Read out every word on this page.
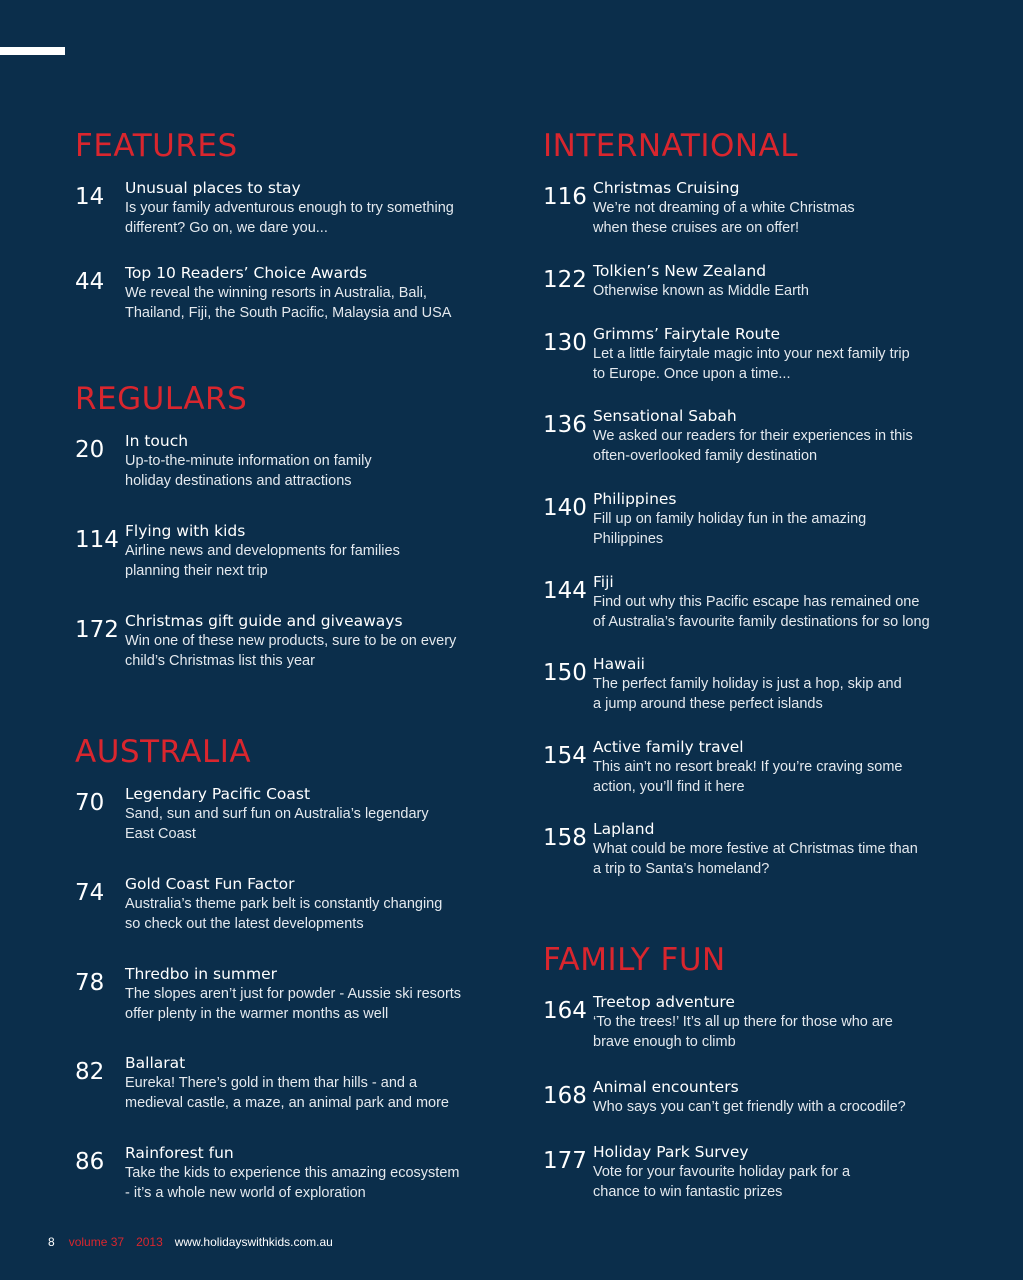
FEATURES
14 Unusual places to stay
Is your family adventurous enough to try something
different? Go on, we dare you...
44 Top 10 Readers’ Choice Awards
We reveal the winning resorts in Australia, Bali,
Thailand, Fiji, the South Pacific, Malaysia and USA
REGULARS
20 In touch
Up-to-the-minute information on family
holiday destinations and attractions
114 Flying with kids
Airline news and developments for families
planning their next trip
172 Christmas gift guide and giveaways
Win one of these new products, sure to be on every
child’s Christmas list this year
AUSTRALIA
70 Legendary Pacific Coast
Sand, sun and surf fun on Australia’s legendary
East Coast
74 Gold Coast Fun Factor
Australia’s theme park belt is constantly changing
so check out the latest developments
78 Thredbo in summer
The slopes aren’t just for powder - Aussie ski resorts
offer plenty in the warmer months as well
82 Ballarat
Eureka! There’s gold in them thar hills - and a
medieval castle, a maze, an animal park and more
86 Rainforest fun
Take the kids to experience this amazing ecosystem
- it’s a whole new world of exploration
INTERNATIONAL
116 Christmas Cruising
We’re not dreaming of a white Christmas
when these cruises are on offer!
122 Tolkien’s New Zealand
Otherwise known as Middle Earth
130 Grimms’ Fairytale Route
Let a little fairytale magic into your next family trip
to Europe. Once upon a time...
136 Sensational Sabah
We asked our readers for their experiences in this
often-overlooked family destination
140 Philippines
Fill up on family holiday fun in the amazing
Philippines
144 Fiji
Find out why this Pacific escape has remained one
of Australia’s favourite family destinations for so long
150 Hawaii
The perfect family holiday is just a hop, skip and
a jump around these perfect islands
154 Active family travel
This ain’t no resort break! If you’re craving some
action, you’ll find it here
158 Lapland
What could be more festive at Christmas time than
a trip to Santa’s homeland?
FAMILY FUN
164 Treetop adventure
‘To the trees!’ It’s all up there for those who are
brave enough to climb
168 Animal encounters
Who says you can’t get friendly with a crocodile?
177 Holiday Park Survey
Vote for your favourite holiday park for a
chance to win fantastic prizes
8 volume 37 2013 www.holidayswithkids.com.au
